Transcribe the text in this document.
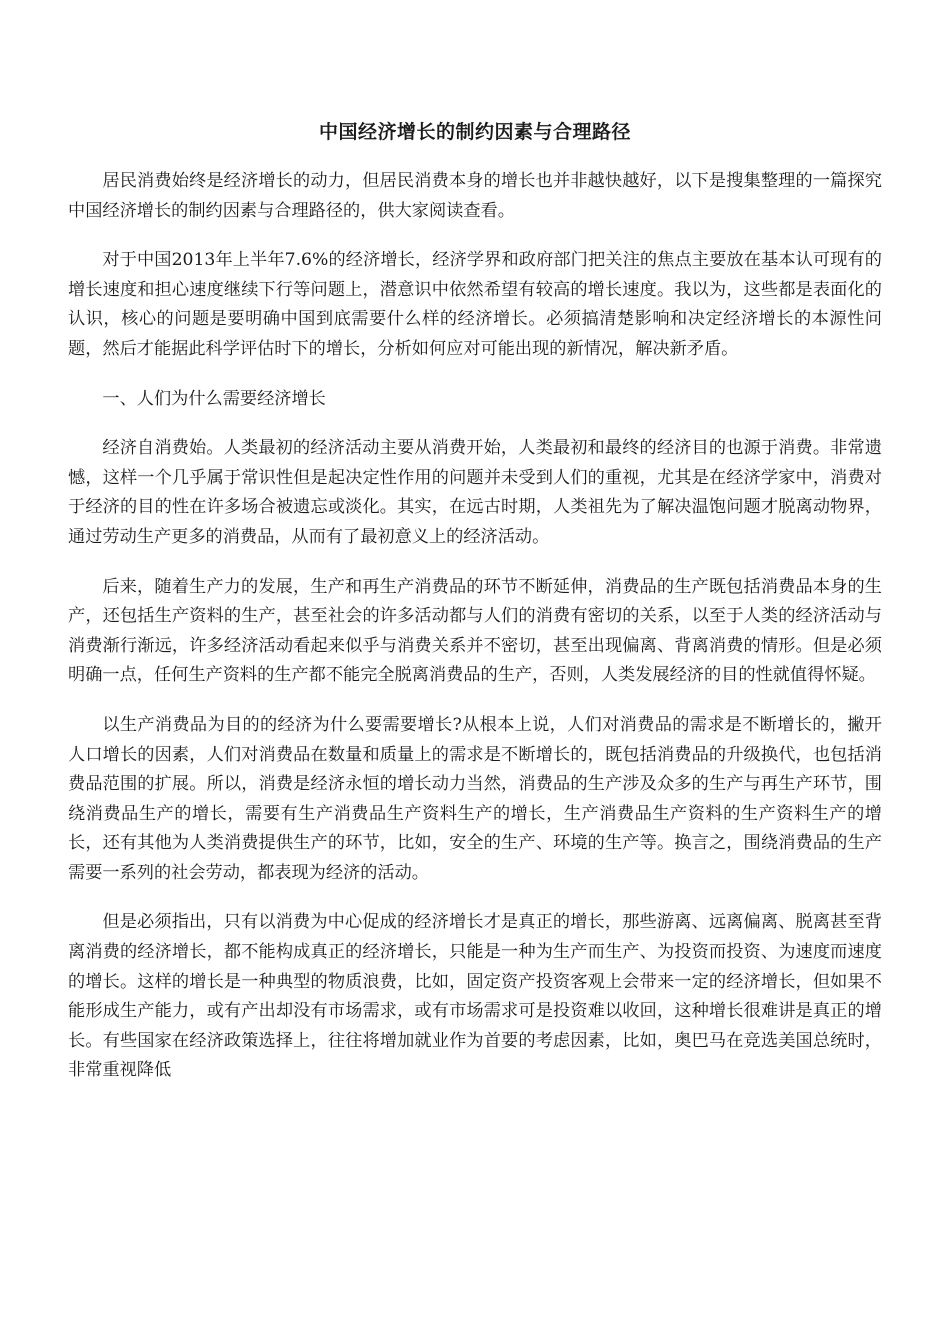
中国经济增长的制约因素与合理路径

居民消费始终是经济增长的动力，但居民消费本身的增长也并非越快越好，以下是搜集整理的一篇探究中国经济增长的制约因素与合理路径的，供大家阅读查看。

对于中国2013年上半年7.6%的经济增长，经济学界和政府部门把关注的焦点主要放在基本认可现有的增长速度和担心速度继续下行等问题上，潜意识中依然希望有较高的增长速度。我以为，这些都是表面化的认识，核心的问题是要明确中国到底需要什么样的经济增长。必须搞清楚影响和决定经济增长的本源性问题，然后才能据此科学评估时下的增长，分析如何应对可能出现的新情况，解决新矛盾。

一、人们为什么需要经济增长

经济自消费始。人类最初的经济活动主要从消费开始，人类最初和最终的经济目的也源于消费。非常遗憾，这样一个几乎属于常识性但是起决定性作用的问题并未受到人们的重视，尤其是在经济学家中，消费对于经济的目的性在许多场合被遗忘或淡化。其实，在远古时期，人类祖先为了解决温饱问题才脱离动物界，通过劳动生产更多的消费品，从而有了最初意义上的经济活动。

后来，随着生产力的发展，生产和再生产消费品的环节不断延伸，消费品的生产既包括消费品本身的生产，还包括生产资料的生产，甚至社会的许多活动都与人们的消费有密切的关系，以至于人类的经济活动与消费渐行渐远，许多经济活动看起来似乎与消费关系并不密切，甚至出现偏离、背离消费的情形。但是必须明确一点，任何生产资料的生产都不能完全脱离消费品的生产，否则，人类发展经济的目的性就值得怀疑。

以生产消费品为目的的经济为什么要需要增长?从根本上说，人们对消费品的需求是不断增长的，撇开人口增长的因素，人们对消费品在数量和质量上的需求是不断增长的，既包括消费品的升级换代，也包括消费品范围的扩展。所以，消费是经济永恒的增长动力当然，消费品的生产涉及众多的生产与再生产环节，围绕消费品生产的增长，需要有生产消费品生产资料生产的增长，生产消费品生产资料的生产资料生产的增长，还有其他为人类消费提供生产的环节，比如，安全的生产、环境的生产等。换言之，围绕消费品的生产需要一系列的社会劳动，都表现为经济的活动。

但是必须指出，只有以消费为中心促成的经济增长才是真正的增长，那些游离、远离偏离、脱离甚至背离消费的经济增长，都不能构成真正的经济增长，只能是一种为生产而生产、为投资而投资、为速度而速度的增长。这样的增长是一种典型的物质浪费，比如，固定资产投资客观上会带来一定的经济增长，但如果不能形成生产能力，或有产出却没有市场需求，或有市场需求可是投资难以收回，这种增长很难讲是真正的增长。有些国家在经济政策选择上，往往将增加就业作为首要的考虑因素，比如，奥巴马在竞选美国总统时，非常重视降低
